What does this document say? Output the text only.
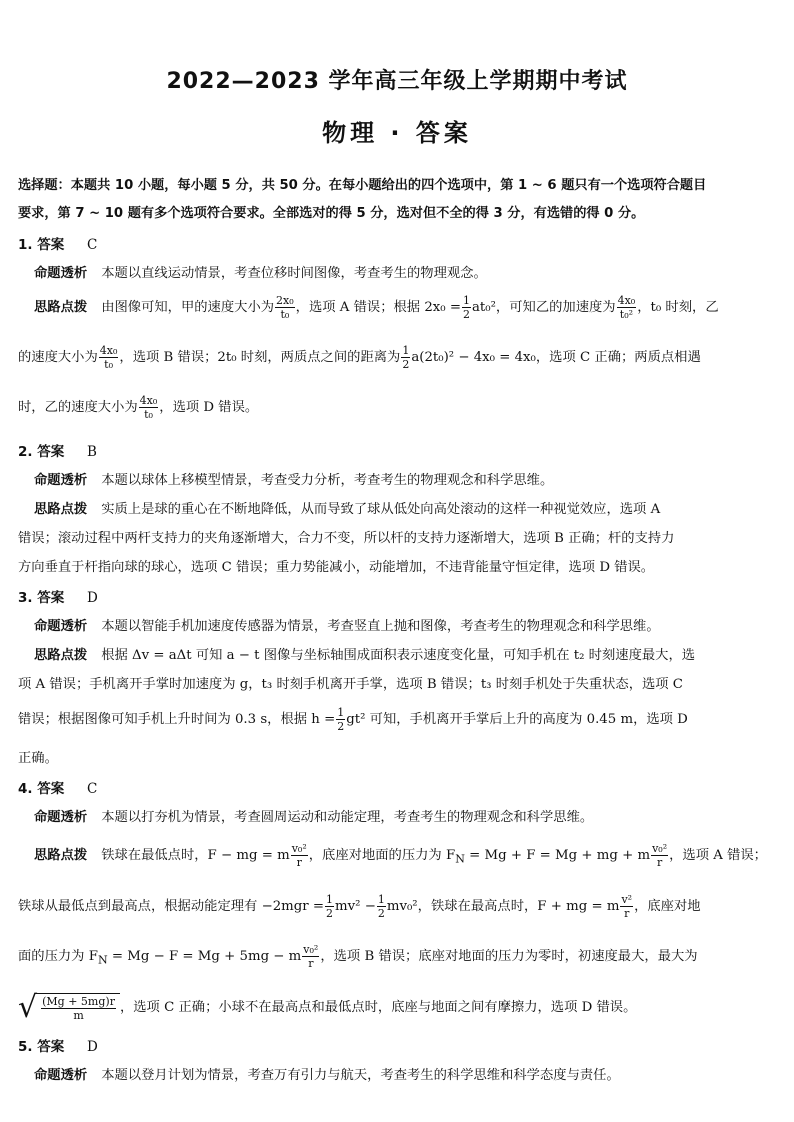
2022—2023 学年高三年级上学期期中考试
物理 · 答案
选择题：本题共 10 小题，每小题 5 分，共 50 分。在每小题给出的四个选项中，第 1 ~ 6 题只有一个选项符合题目
要求，第 7 ~ 10 题有多个选项符合要求。全部选对的得 5 分，选对但不全的得 3 分，有选错的得 0 分。
1. 答案 C
命题透析 本题以直线运动情景，考查位移时间图像，考查考生的物理观念。
思路点拨 由图像可知，甲的速度大小为 $\frac{\text{2x₀}}{\text{t₀}}$ ，选项 A 错误；根据 $2x_0 = \frac{1}{2} at_0^2$，可知乙的加速度为 $\frac{\text{4x₀}}{\text{t₀²}}$ ，t₀ 时刻，乙
的速度大小为 $\frac{\text{4x₀}}{\text{t₀}}$ ，选项 B 错误；2t₀ 时刻，两质点之间的距离为 $\frac{1}{2} a(2t_0)^2 - 4x_0 = 4x_0$，选项 C 正确；两质点相遇
时，乙的速度大小为 $\frac{\text{4x₀}}{\text{t₀}}$ ，选项 D 错误。
2. 答案 B
命题透析 本题以球体上移模型情景，考查受力分析，考查考生的物理观念和科学思维。
思路点拨 实质上是球的重心在不断地降低，从而导致了球从低处向高处滚动的这样一种视觉效应，选项 A
错误；滚动过程中两杆支持力的夹角逐渐增大，合力不变，所以杆的支持力逐渐增大，选项 B 正确；杆的支持力
方向垂直于杆指向球的球心，选项 C 错误；重力势能减小，动能增加，不违背能量守恒定律，选项 D 错误。
3. 答案 D
命题透析 本题以智能手机加速度传感器为情景，考查竖直上抛和图像，考查考生的物理观念和科学思维。
思路点拨 根据 Δv = aΔt 可知 a − t 图像与坐标轴围成面积表示速度变化量，可知手机在 t₂ 时刻速度最大，选
项 A 错误；手机离开手掌时加速度为 g，t₃ 时刻手机离开手掌，选项 B 错误；t₃ 时刻手机处于失重状态，选项 C
错误；根据图像可知手机上升时间为 0.3 s，根据 $h = \frac{1}{2} gt^2$ 可知，手机离开手掌后上升的高度为 0.45 m，选项 D
正确。
4. 答案 C
命题透析 本题以打夯机为情景，考查圆周运动和动能定理，考查考生的物理观念和科学思维。
思路点拨 铁球在最低点时，F − mg = m $\frac{\text{v₀²}}{r}$ ，底座对地面的压力为 $F_N = Mg + F = Mg$ + mg + m $\frac{\text{v₀²}}{r}$ ，选项 A 错误；
铁球从最低点到最高点，根据动能定理有 $-2mgr = \frac{1}{2} mv^2 - \frac{1}{2} mv_0^2$，铁球在最高点时，F + mg = m $\frac{\text{v²}}{r}$ ，底座对地
面的压力为 $F_N = Mg - F = Mg + 5mg - m \frac{\text{v₀²}}{r}$ ，选项 B 错误；底座对地面的压力为零时，初速度最大，最大为
√ $\frac{(Mg + 5mg)r}{m}$ ，选项 C 正确；小球不在最高点和最低点时，底座与地面之间有摩擦力，选项 D 错误。
5. 答案 D
命题透析 本题以登月计划为情景，考查万有引力与航天，考查考生的科学思维和科学态度与责任。
